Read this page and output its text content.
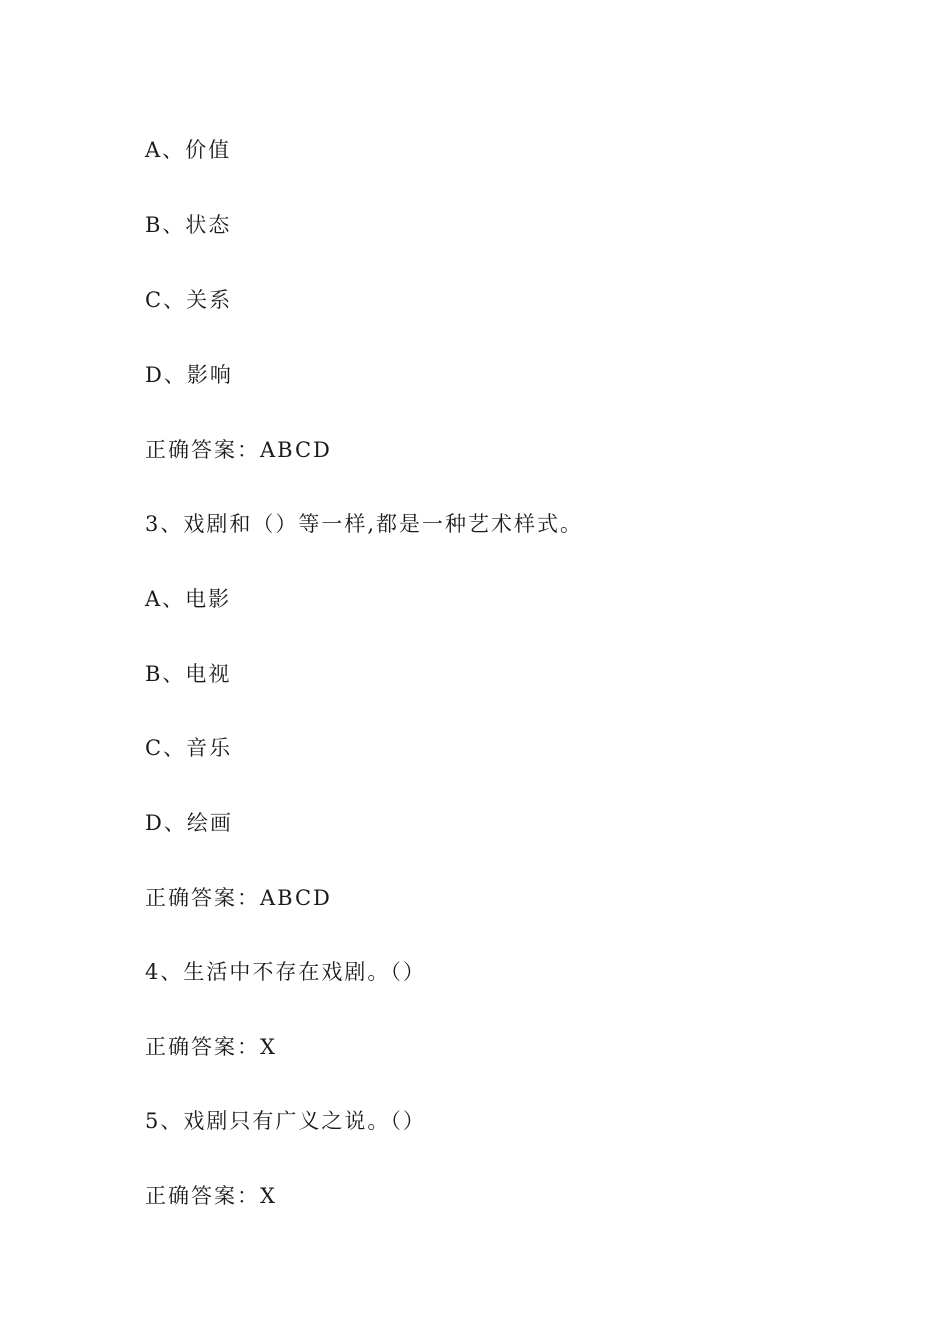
A、价值
B、状态
C、关系
D、影响
正确答案：ABCD
3、戏剧和（）等一样,都是一种艺术样式。
A、电影
B、电视
C、音乐
D、绘画
正确答案：ABCD
4、生活中不存在戏剧。（）
正确答案：X
5、戏剧只有广义之说。（）
正确答案：X
